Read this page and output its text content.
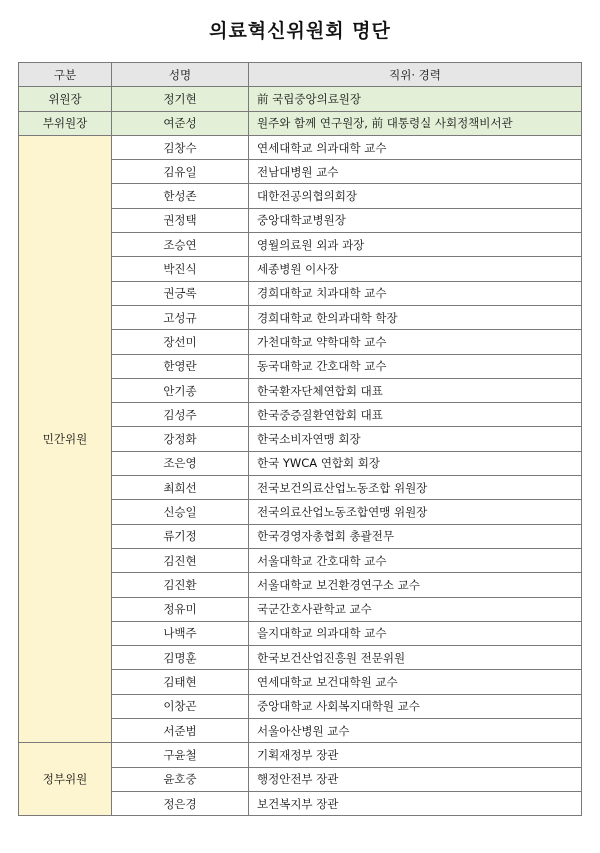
의료혁신위원회 명단
구분	성명	직위· 경력
위원장	정기현	前 국립중앙의료원장
부위원장	여준성	원주와 함께 연구원장, 前 대통령실 사회정책비서관
민간위원	김창수	연세대학교 의과대학 교수
	김유일	전남대병원 교수
	한성존	대한전공의협의회장
	권정택	중앙대학교병원장
	조승연	영월의료원 외과 과장
	박진식	세종병원 이사장
	권긍록	경희대학교 치과대학 교수
	고성규	경희대학교 한의과대학 학장
	장선미	가천대학교 약학대학 교수
	한영란	동국대학교 간호대학 교수
	안기종	한국환자단체연합회 대표
	김성주	한국중증질환연합회 대표
	강정화	한국소비자연맹 회장
	조은영	한국 YWCA 연합회 회장
	최희선	전국보건의료산업노동조합 위원장
	신승일	전국의료산업노동조합연맹 위원장
	류기정	한국경영자총협회 총괄전무
	김진현	서울대학교 간호대학 교수
	김진환	서울대학교 보건환경연구소 교수
	정유미	국군간호사관학교 교수
	나백주	을지대학교 의과대학 교수
	김명훈	한국보건산업진흥원 전문위원
	김태현	연세대학교 보건대학원 교수
	이창곤	중앙대학교 사회복지대학원 교수
	서준범	서울아산병원 교수
정부위원	구윤철	기획재정부 장관
	윤호중	행정안전부 장관
	정은경	보건복지부 장관
